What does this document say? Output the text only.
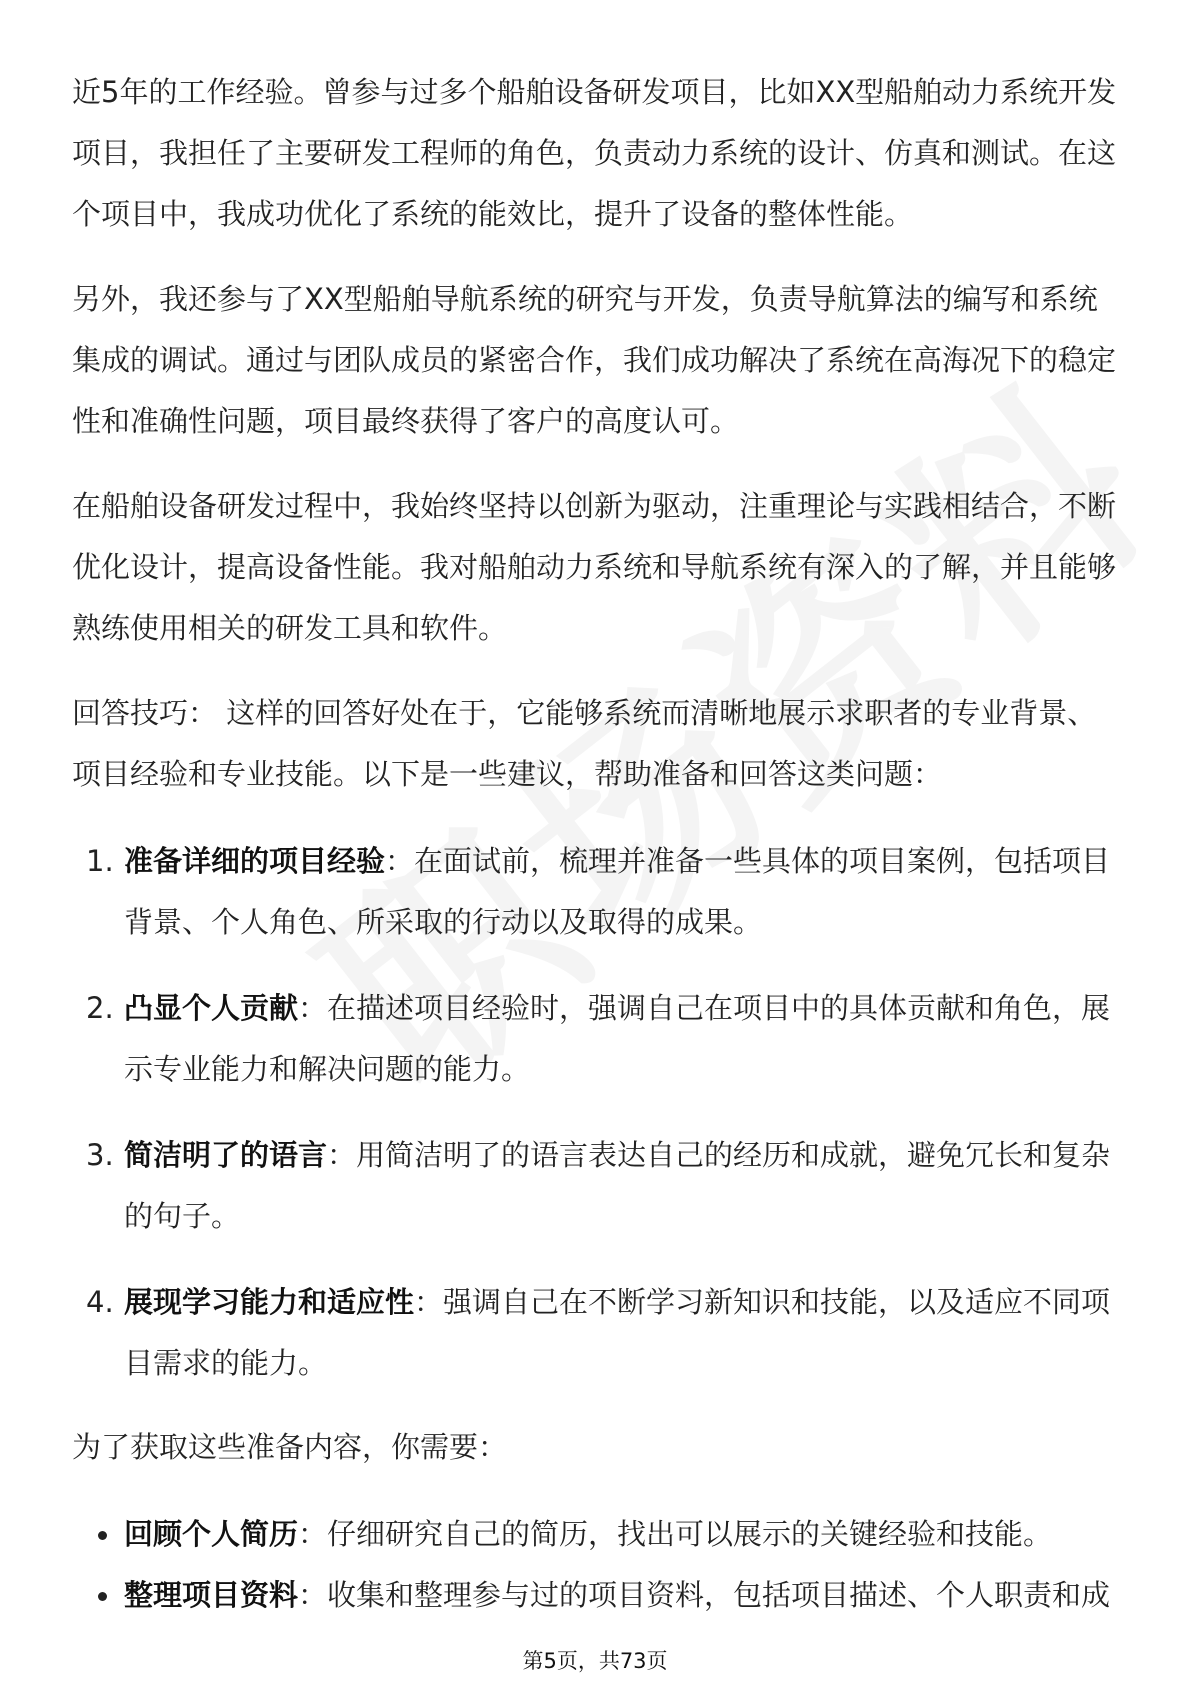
近5年的工作经验。曾参与过多个船舶设备研发项目，比如XX型船舶动力系统开发项目，我担任了主要研发工程师的角色，负责动力系统的设计、仿真和测试。在这个项目中，我成功优化了系统的能效比，提升了设备的整体性能。

另外，我还参与了XX型船舶导航系统的研究与开发，负责导航算法的编写和系统集成的调试。通过与团队成员的紧密合作，我们成功解决了系统在高海况下的稳定性和准确性问题，项目最终获得了客户的高度认可。

在船舶设备研发过程中，我始终坚持以创新为驱动，注重理论与实践相结合，不断优化设计，提高设备性能。我对船舶动力系统和导航系统有深入的了解，并且能够熟练使用相关的研发工具和软件。

回答技巧： 这样的回答好处在于，它能够系统而清晰地展示求职者的专业背景、项目经验和专业技能。以下是一些建议，帮助准备和回答这类问题：

1. 准备详细的项目经验：在面试前，梳理并准备一些具体的项目案例，包括项目背景、个人角色、所采取的行动以及取得的成果。
2. 凸显个人贡献：在描述项目经验时，强调自己在项目中的具体贡献和角色，展示专业能力和解决问题的能力。
3. 简洁明了的语言：用简洁明了的语言表达自己的经历和成就，避免冗长和复杂的句子。
4. 展现学习能力和适应性：强调自己在不断学习新知识和技能，以及适应不同项目需求的能力。

为了获取这些准备内容，你需要：

回顾个人简历：仔细研究自己的简历，找出可以展示的关键经验和技能。
整理项目资料：收集和整理参与过的项目资料，包括项目描述、个人职责和成
第5页，共73页
